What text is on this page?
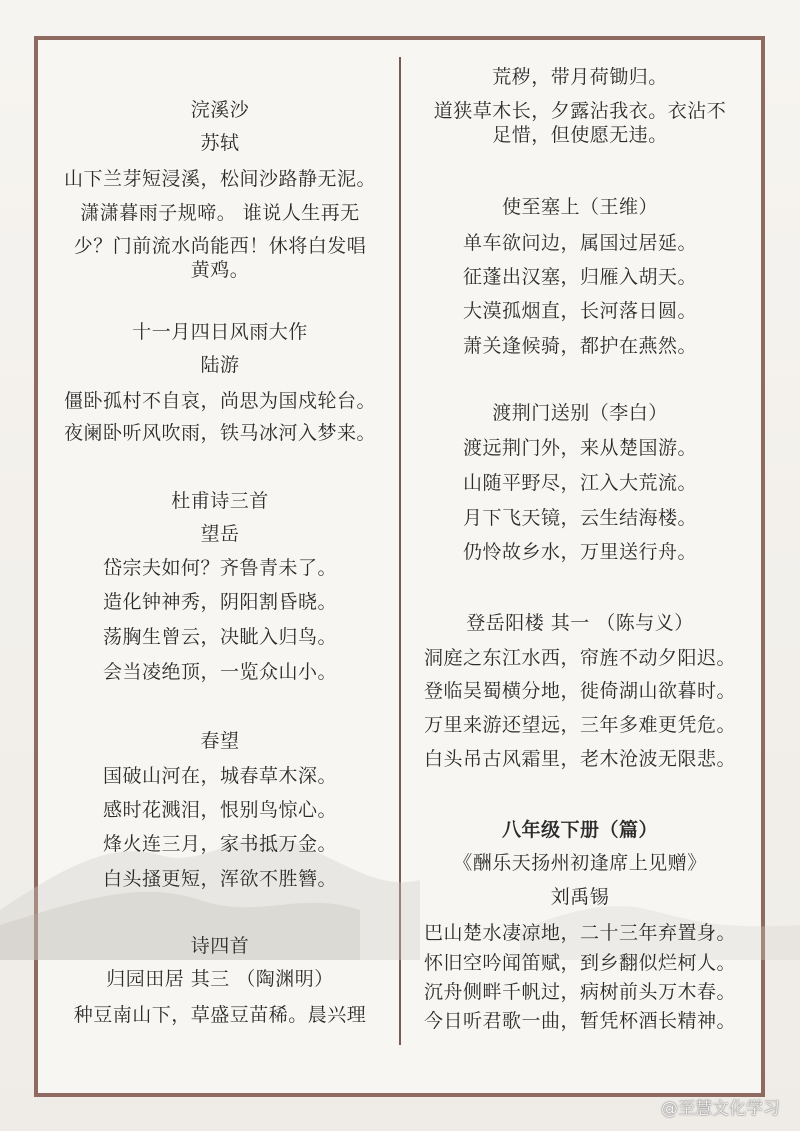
浣溪沙
苏轼
山下兰芽短浸溪，松间沙路静无泥。
潇潇暮雨子规啼。 谁说人生再无
少？门前流水尚能西！休将白发唱
黄鸡。
十一月四日风雨大作
陆游
僵卧孤村不自哀，尚思为国戍轮台。
夜阑卧听风吹雨，铁马冰河入梦来。
杜甫诗三首
望岳
岱宗夫如何？齐鲁青未了。
造化钟神秀，阴阳割昏晓。
荡胸生曾云，决眦入归鸟。
会当凌绝顶，一览众山小。
春望
国破山河在，城春草木深。
感时花溅泪，恨别鸟惊心。
烽火连三月，家书抵万金。
白头搔更短，浑欲不胜簪。
诗四首
归园田居 其三 （陶渊明）
种豆南山下，草盛豆苗稀。晨兴理
荒秽，带月荷锄归。
道狭草木长，夕露沾我衣。衣沾不
足惜，但使愿无违。
使至塞上（王维）
单车欲问边，属国过居延。
征蓬出汉塞，归雁入胡天。
大漠孤烟直，长河落日圆。
萧关逢候骑，都护在燕然。
渡荆门送别（李白）
渡远荆门外，来从楚国游。
山随平野尽，江入大荒流。
月下飞天镜，云生结海楼。
仍怜故乡水，万里送行舟。
登岳阳楼 其一 （陈与义）
洞庭之东江水西，帘旌不动夕阳迟。
登临吴蜀横分地，徙倚湖山欲暮时。
万里来游还望远，三年多难更凭危。
白头吊古风霜里，老木沧波无限悲。
八年级下册（篇）
《酬乐天扬州初逢席上见赠》
刘禹锡
巴山楚水凄凉地，二十三年弃置身。
怀旧空吟闻笛赋，到乡翻似烂柯人。
沉舟侧畔千帆过，病树前头万木春。
今日听君歌一曲，暂凭杯酒长精神。
@至慧文化学习
